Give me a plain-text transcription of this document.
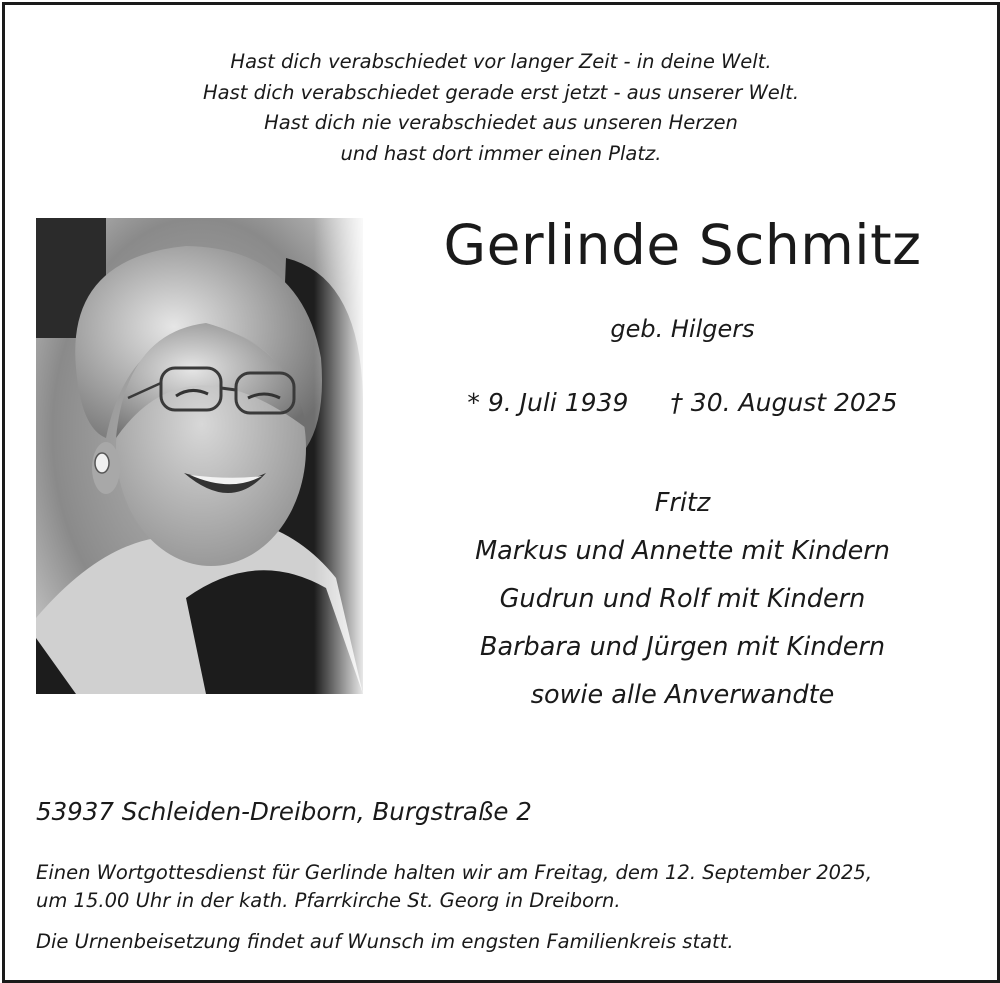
Hast dich verabschiedet vor langer Zeit - in deine Welt.
Hast dich verabschiedet gerade erst jetzt - aus unserer Welt.
Hast dich nie verabschiedet aus unseren Herzen
und hast dort immer einen Platz.
Gerlinde Schmitz
geb. Hilgers
* 9. Juli 1939 † 30. August 2025
Fritz
Markus und Annette mit Kindern
Gudrun und Rolf mit Kindern
Barbara und Jürgen mit Kindern
sowie alle Anverwandte
53937 Schleiden-Dreiborn, Burgstraße 2
Einen Wortgottesdienst für Gerlinde halten wir am Freitag, dem 12. September 2025,
um 15.00 Uhr in der kath. Pfarrkirche St. Georg in Dreiborn.
Die Urnenbeisetzung findet auf Wunsch im engsten Familienkreis statt.
